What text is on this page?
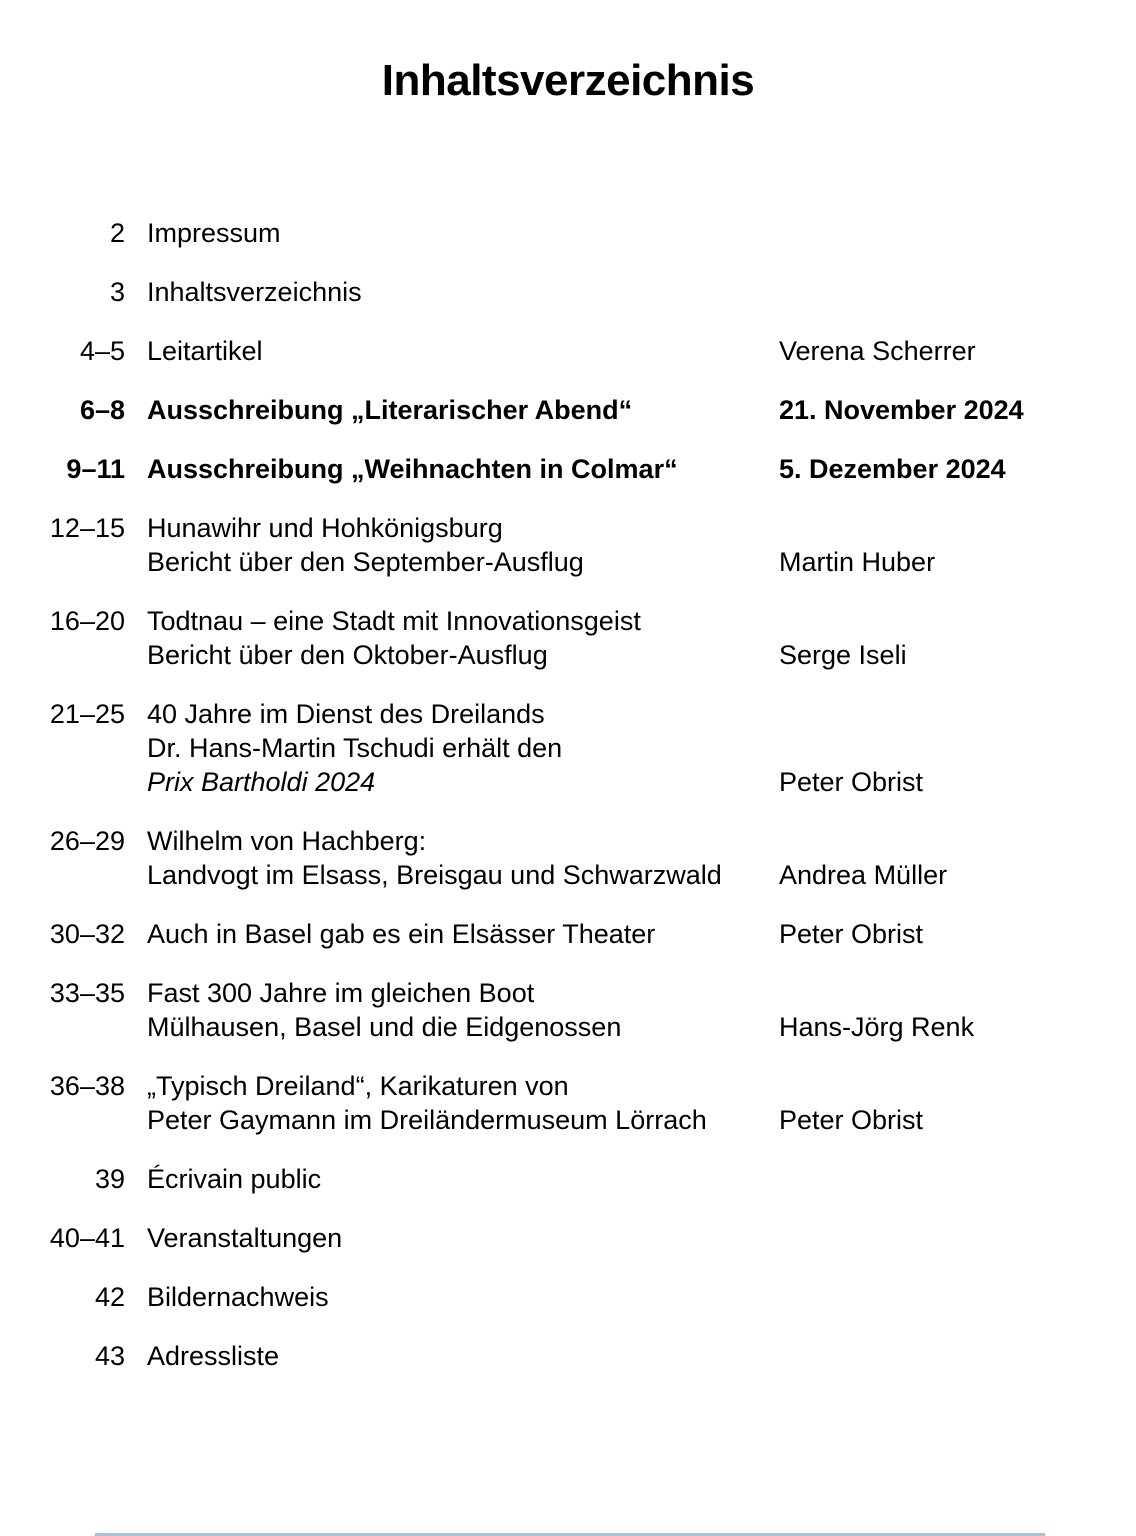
Inhaltsverzeichnis
2 Impressum
3 Inhaltsverzeichnis
4–5 Leitartikel	Verena Scherrer
6–8 Ausschreibung „Literarischer Abend“	21. November 2024
9–11 Ausschreibung „Weihnachten in Colmar“	5. Dezember 2024
12–15 Hunawihr und Hohkönigsburg
Bericht über den September-Ausflug	Martin Huber
16–20 Todtnau – eine Stadt mit Innovationsgeist
Bericht über den Oktober-Ausflug	Serge Iseli
21–25 40 Jahre im Dienst des Dreilands
Dr. Hans-Martin Tschudi erhält den
Prix Bartholdi 2024	Peter Obrist
26–29 Wilhelm von Hachberg:
Landvogt im Elsass, Breisgau und Schwarzwald	Andrea Müller
30–32 Auch in Basel gab es ein Elsässer Theater	Peter Obrist
33–35 Fast 300 Jahre im gleichen Boot
Mülhausen, Basel und die Eidgenossen	Hans-Jörg Renk
36–38 „Typisch Dreiland“, Karikaturen von
Peter Gaymann im Dreiländermuseum Lörrach	Peter Obrist
39 Écrivain public
40–41 Veranstaltungen
42 Bildernachweis
43 Adressliste
